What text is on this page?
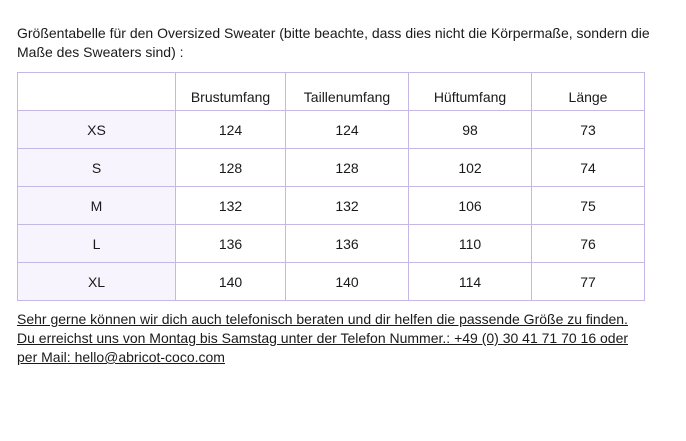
Größentabelle für den Oversized Sweater (bitte beachte, dass dies nicht die Körpermaße, sondern die Maße des Sweaters sind) :

	Brustumfang	Taillenumfang	Hüftumfang	Länge
XS	124	124	98	73
S	128	128	102	74
M	132	132	106	75
L	136	136	110	76
XL	140	140	114	77

Sehr gerne können wir dich auch telefonisch beraten und dir helfen die passende Größe zu finden.
Du erreichst uns von Montag bis Samstag unter der Telefon Nummer.: +49 (0) 30 41 71 70 16 oder
per Mail: hello@abricot-coco.com
